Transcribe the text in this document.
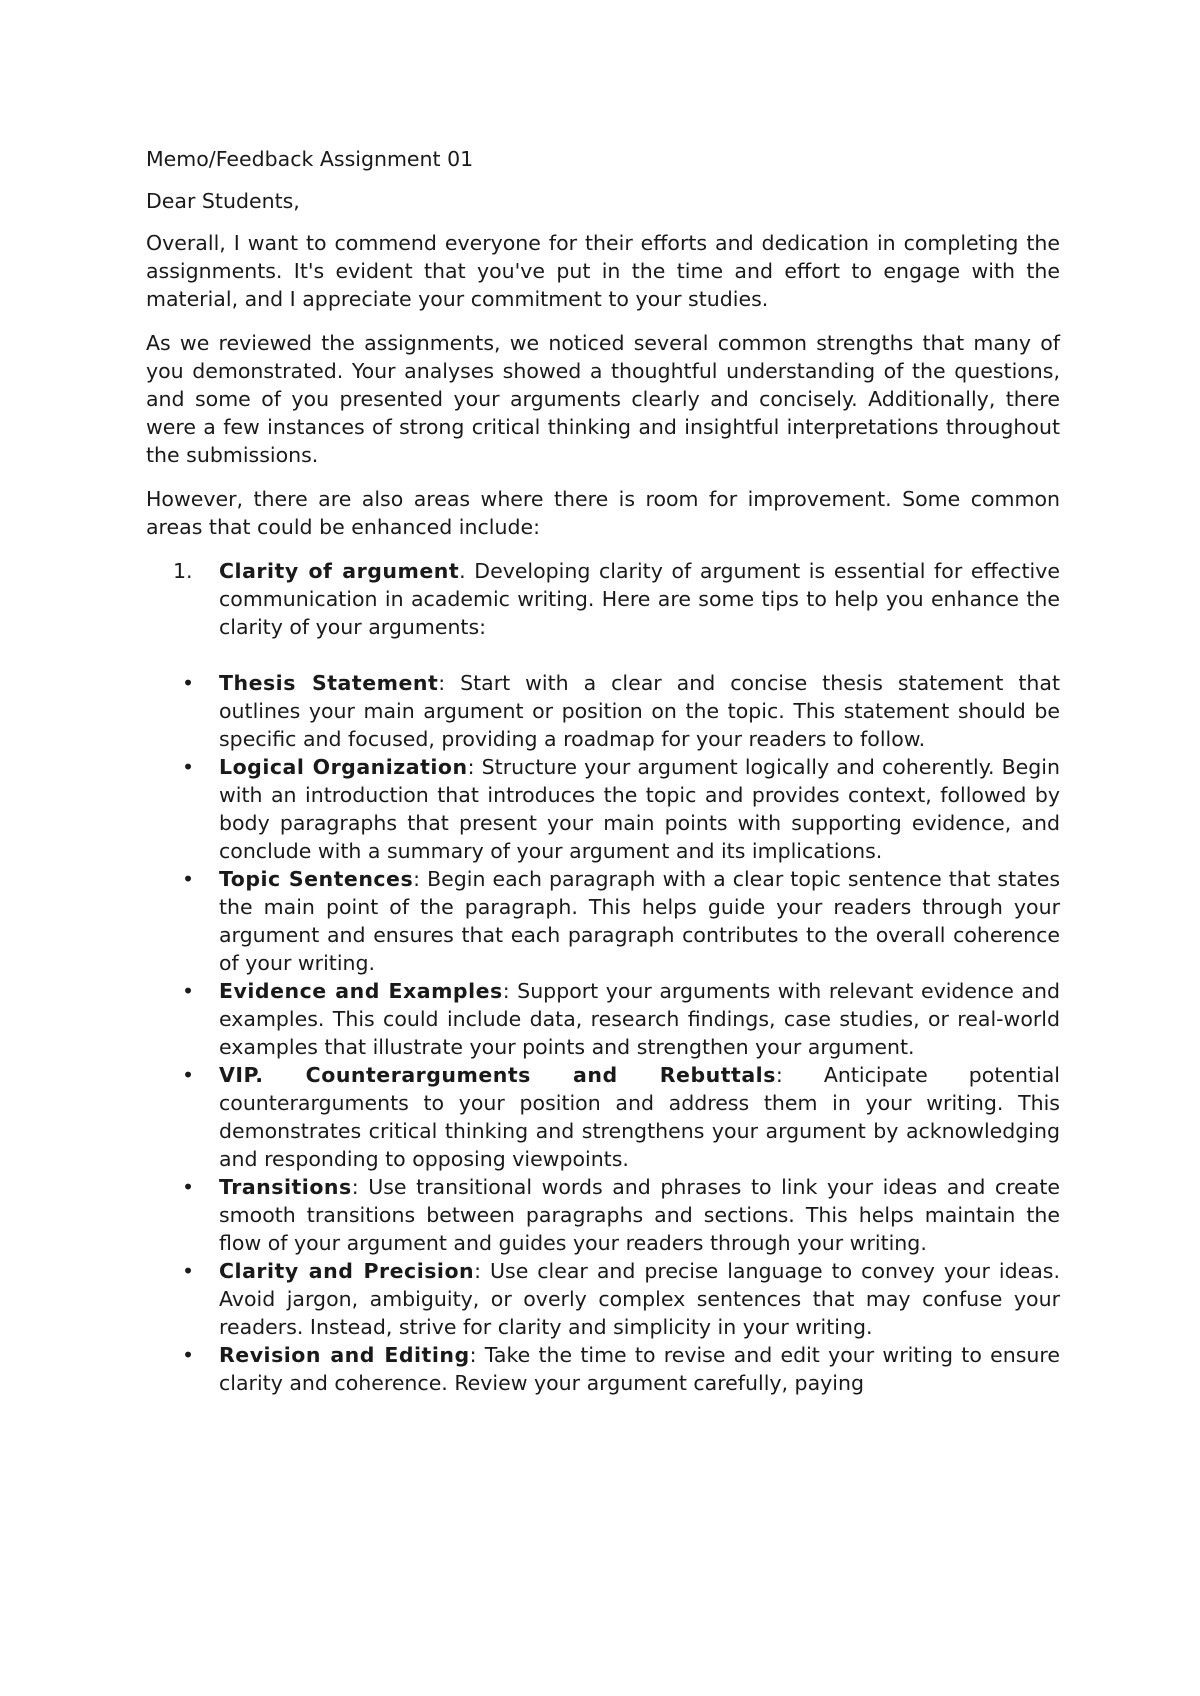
Memo/Feedback Assignment 01

Dear Students,

Overall, I want to commend everyone for their efforts and dedication in completing the assignments. It's evident that you've put in the time and effort to engage with the material, and I appreciate your commitment to your studies.

As we reviewed the assignments, we noticed several common strengths that many of you demonstrated. Your analyses showed a thoughtful understanding of the questions, and some of you presented your arguments clearly and concisely. Additionally, there were a few instances of strong critical thinking and insightful interpretations throughout the submissions.

However, there are also areas where there is room for improvement. Some common areas that could be enhanced include:

1. Clarity of argument. Developing clarity of argument is essential for effective communication in academic writing. Here are some tips to help you enhance the clarity of your arguments:
• Thesis Statement: Start with a clear and concise thesis statement that outlines your main argument or position on the topic. This statement should be specific and focused, providing a roadmap for your readers to follow.
• Logical Organization: Structure your argument logically and coherently. Begin with an introduction that introduces the topic and provides context, followed by body paragraphs that present your main points with supporting evidence, and conclude with a summary of your argument and its implications.
• Topic Sentences: Begin each paragraph with a clear topic sentence that states the main point of the paragraph. This helps guide your readers through your argument and ensures that each paragraph contributes to the overall coherence of your writing.
• Evidence and Examples: Support your arguments with relevant evidence and examples. This could include data, research findings, case studies, or real-world examples that illustrate your points and strengthen your argument.
• VIP. Counterarguments and Rebuttals: Anticipate potential counterarguments to your position and address them in your writing. This demonstrates critical thinking and strengthens your argument by acknowledging and responding to opposing viewpoints.
• Transitions: Use transitional words and phrases to link your ideas and create smooth transitions between paragraphs and sections. This helps maintain the flow of your argument and guides your readers through your writing.
• Clarity and Precision: Use clear and precise language to convey your ideas. Avoid jargon, ambiguity, or overly complex sentences that may confuse your readers. Instead, strive for clarity and simplicity in your writing.
• Revision and Editing: Take the time to revise and edit your writing to ensure clarity and coherence. Review your argument carefully, paying
